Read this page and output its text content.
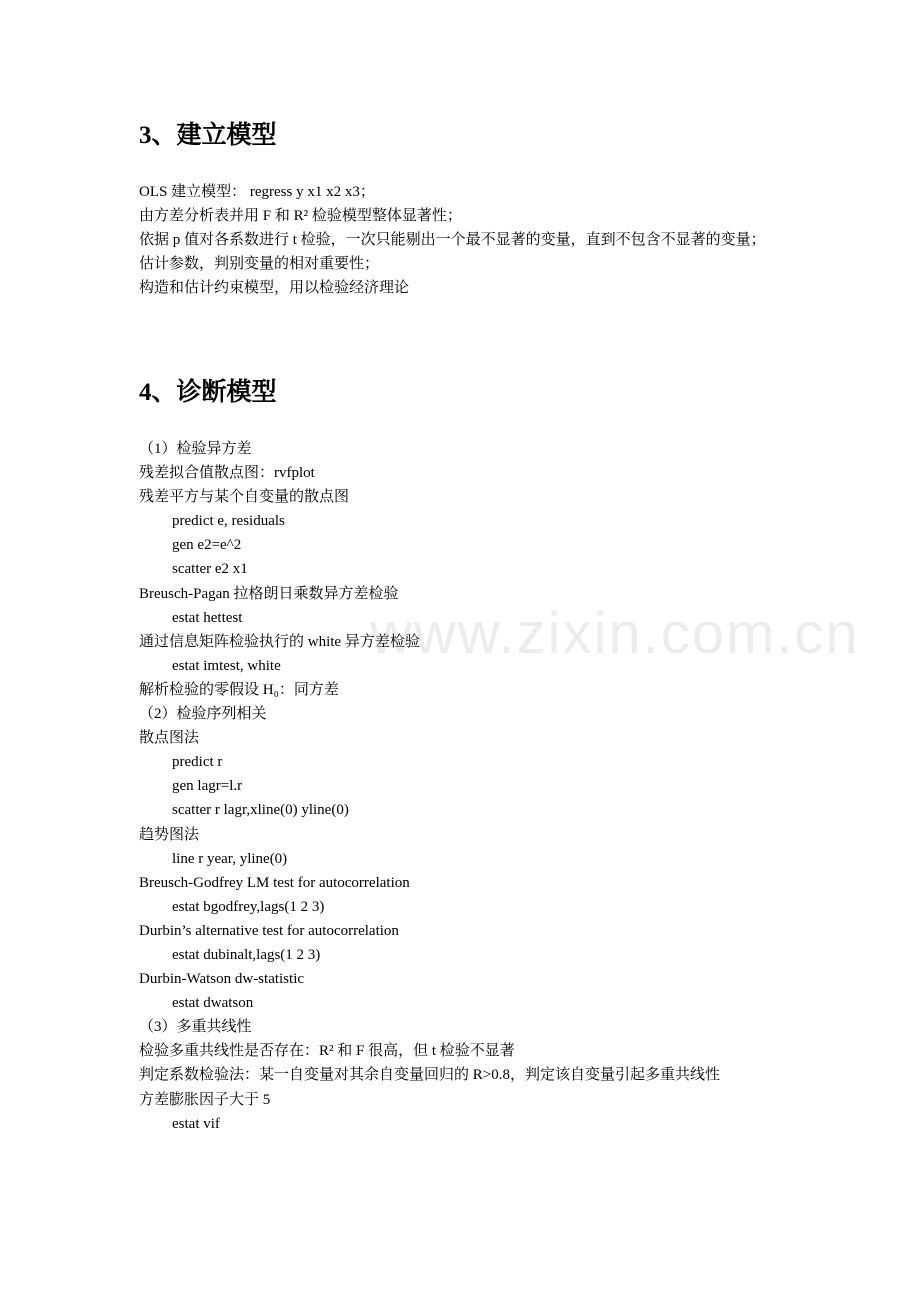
www.zixin.com.cn
3、建立模型
OLS 建立模型： regress y x1 x2 x3；
由方差分析表并用 F 和 R² 检验模型整体显著性；
依据 p 值对各系数进行 t 检验，一次只能剔出一个最不显著的变量，直到不包含不显著的变量；
估计参数，判别变量的相对重要性；
构造和估计约束模型，用以检验经济理论
4、诊断模型
（1）检验异方差
残差拟合值散点图：rvfplot
残差平方与某个自变量的散点图
predict e, residuals
gen e2=e^2
scatter e2 x1
Breusch-Pagan 拉格朗日乘数异方差检验
estat hettest
通过信息矩阵检验执行的 white 异方差检验
estat imtest, white
解析检验的零假设 H₀：同方差
（2）检验序列相关
散点图法
predict r
gen lagr=l.r
scatter r lagr,xline(0) yline(0)
趋势图法
line r year, yline(0)
Breusch-Godfrey LM test for autocorrelation
estat bgodfrey,lags(1 2 3)
Durbin’s alternative test for autocorrelation
estat dubinalt,lags(1 2 3)
Durbin-Watson dw-statistic
estat dwatson
（3）多重共线性
检验多重共线性是否存在：R² 和 F 很高，但 t 检验不显著
判定系数检验法：某一自变量对其余自变量回归的 R>0.8，判定该自变量引起多重共线性
方差膨胀因子大于 5
estat vif
